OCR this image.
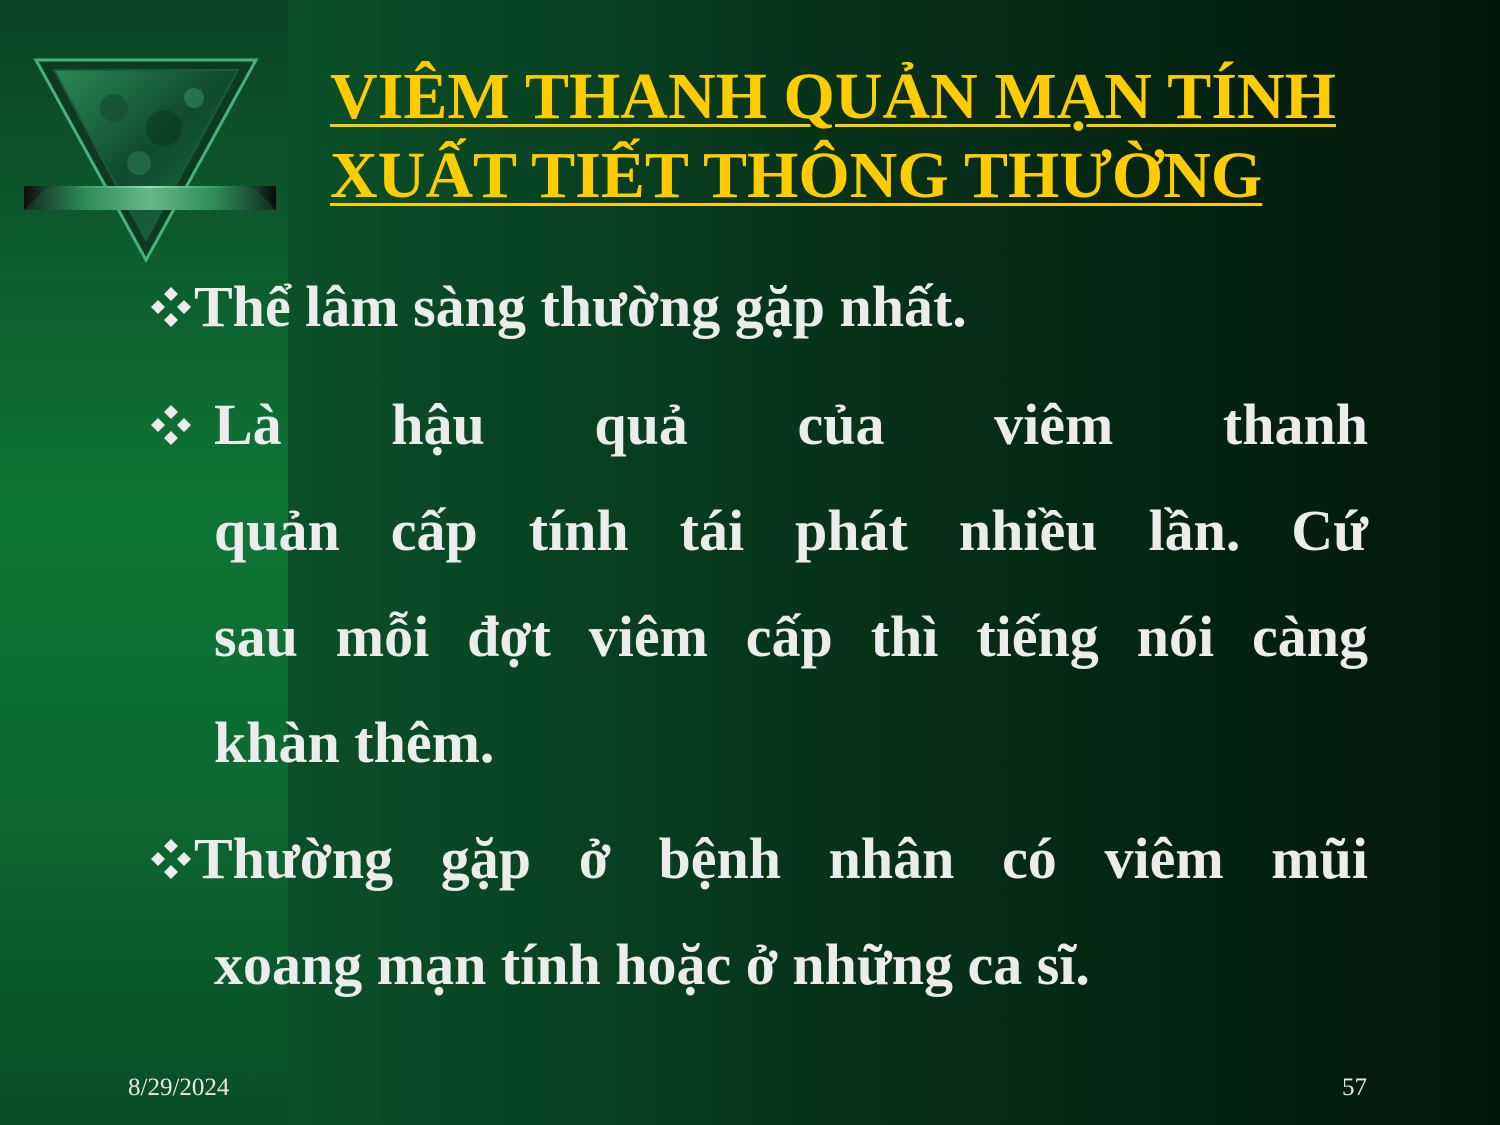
VIÊM THANH QUẢN MẠN TÍNH
XUẤT TIẾT THÔNG THƯỜNG
Thể lâm sàng thường gặp nhất.
Là hậu quả của viêm thanh
quản cấp tính tái phát nhiều lần. Cứ
sau mỗi đợt viêm cấp thì tiếng nói càng
khàn thêm.
Thường gặp ở bệnh nhân có viêm mũi
xoang mạn tính hoặc ở những ca sĩ.
8/29/2024	57
